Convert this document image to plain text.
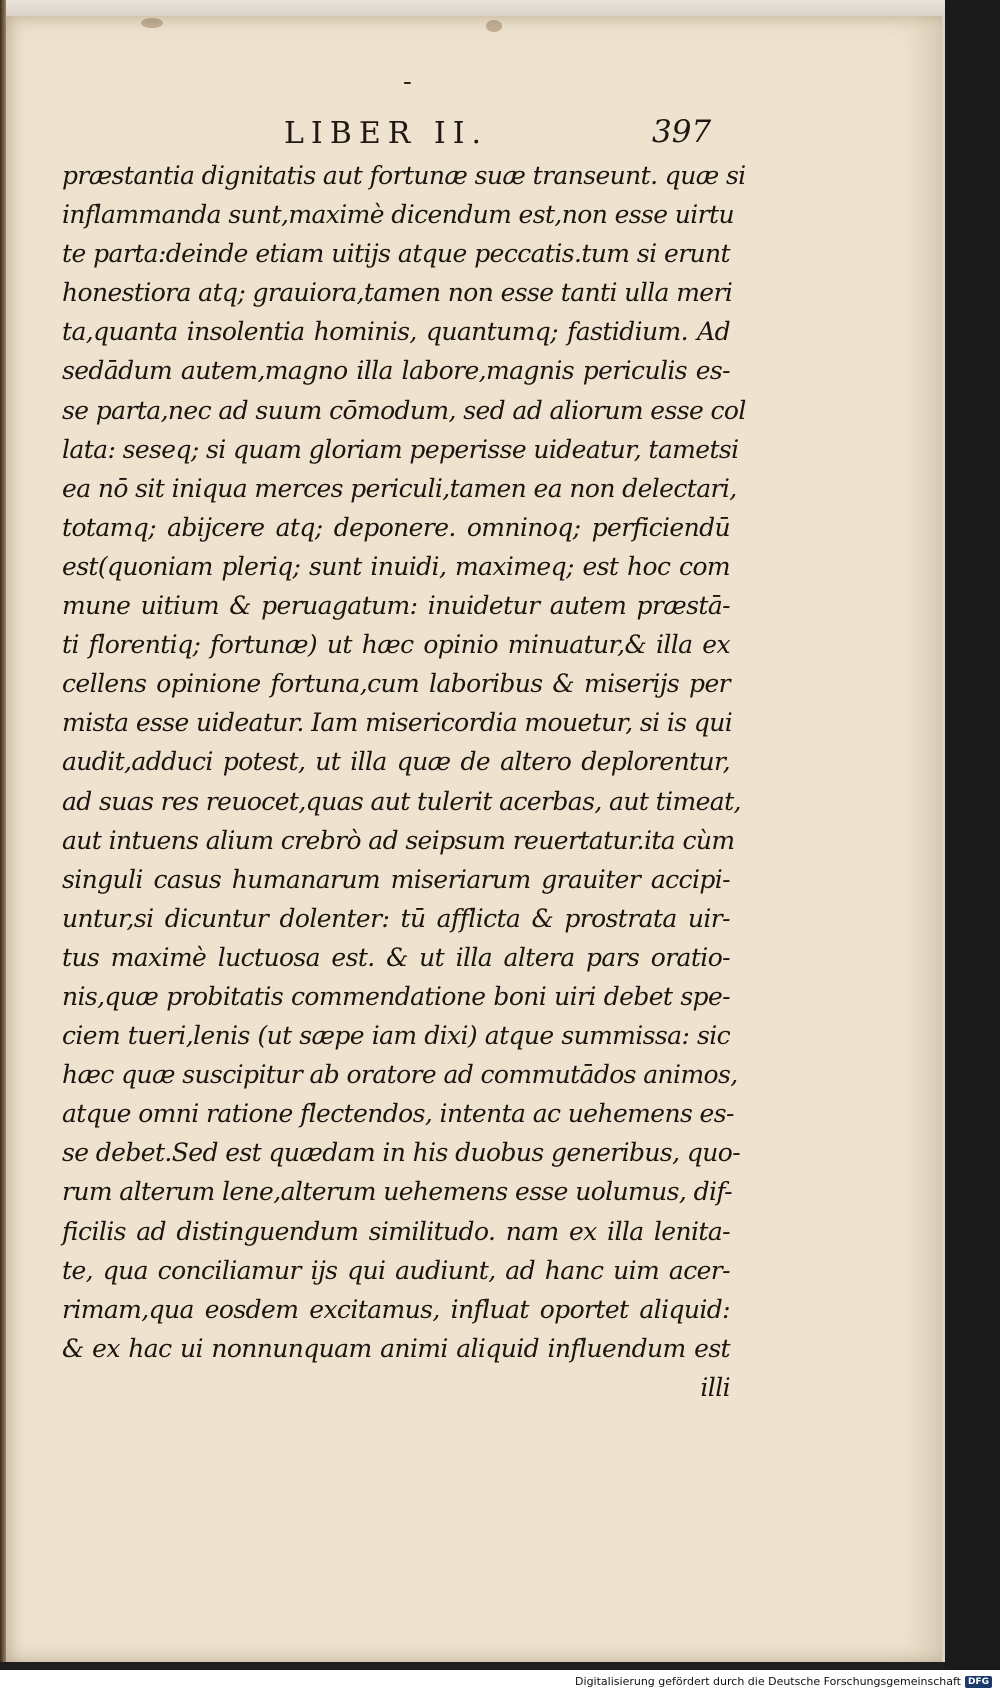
-
LIBER II.	397
præstantia dignitatis aut fortunæ suæ transeunt. quæ si
inflammanda sunt,maximè dicendum est,non esse uirtu
te parta:deinde etiam uitijs atque peccatis.tum si erunt
honestiora atq; grauiora,tamen non esse tanti ulla meri
ta,quanta insolentia hominis, quantumq; fastidium. Ad
sedādum autem,magno illa labore,magnis periculis es-
se parta,nec ad suum cōmodum, sed ad aliorum esse col
lata: seseq; si quam gloriam peperisse uideatur, tametsi
ea nō sit iniqua merces periculi,tamen ea non delectari,
totamq; abijcere atq; deponere. omninoq; perficiendū
est(quoniam pleriq; sunt inuidi, maximeq; est hoc com
mune uitium & peruagatum: inuidetur autem præstā-
ti florentiq; fortunæ) ut hæc opinio minuatur,& illa ex
cellens opinione fortuna,cum laboribus & miserijs per
mista esse uideatur. Iam misericordia mouetur, si is qui
audit,adduci potest, ut illa quæ de altero deplorentur,
ad suas res reuocet,quas aut tulerit acerbas, aut timeat,
aut intuens alium crebrò ad seipsum reuertatur.ita cùm
singuli casus humanarum miseriarum grauiter accipi-
untur,si dicuntur dolenter: tū afflicta & prostrata uir-
tus maximè luctuosa est. & ut illa altera pars oratio-
nis,quæ probitatis commendatione boni uiri debet spe-
ciem tueri,lenis (ut sæpe iam dixi) atque summissa: sic
hæc quæ suscipitur ab oratore ad commutādos animos,
atque omni ratione flectendos, intenta ac uehemens es-
se debet.Sed est quædam in his duobus generibus, quo-
rum alterum lene,alterum uehemens esse uolumus, dif-
ficilis ad distinguendum similitudo. nam ex illa lenita-
te, qua conciliamur ijs qui audiunt, ad hanc uim acer-
rimam,qua eosdem excitamus, influat oportet aliquid:
& ex hac ui nonnunquam animi aliquid influendum est
illi
Digitalisierung gefördert durch die Deutsche Forschungsgemeinschaft DFG
